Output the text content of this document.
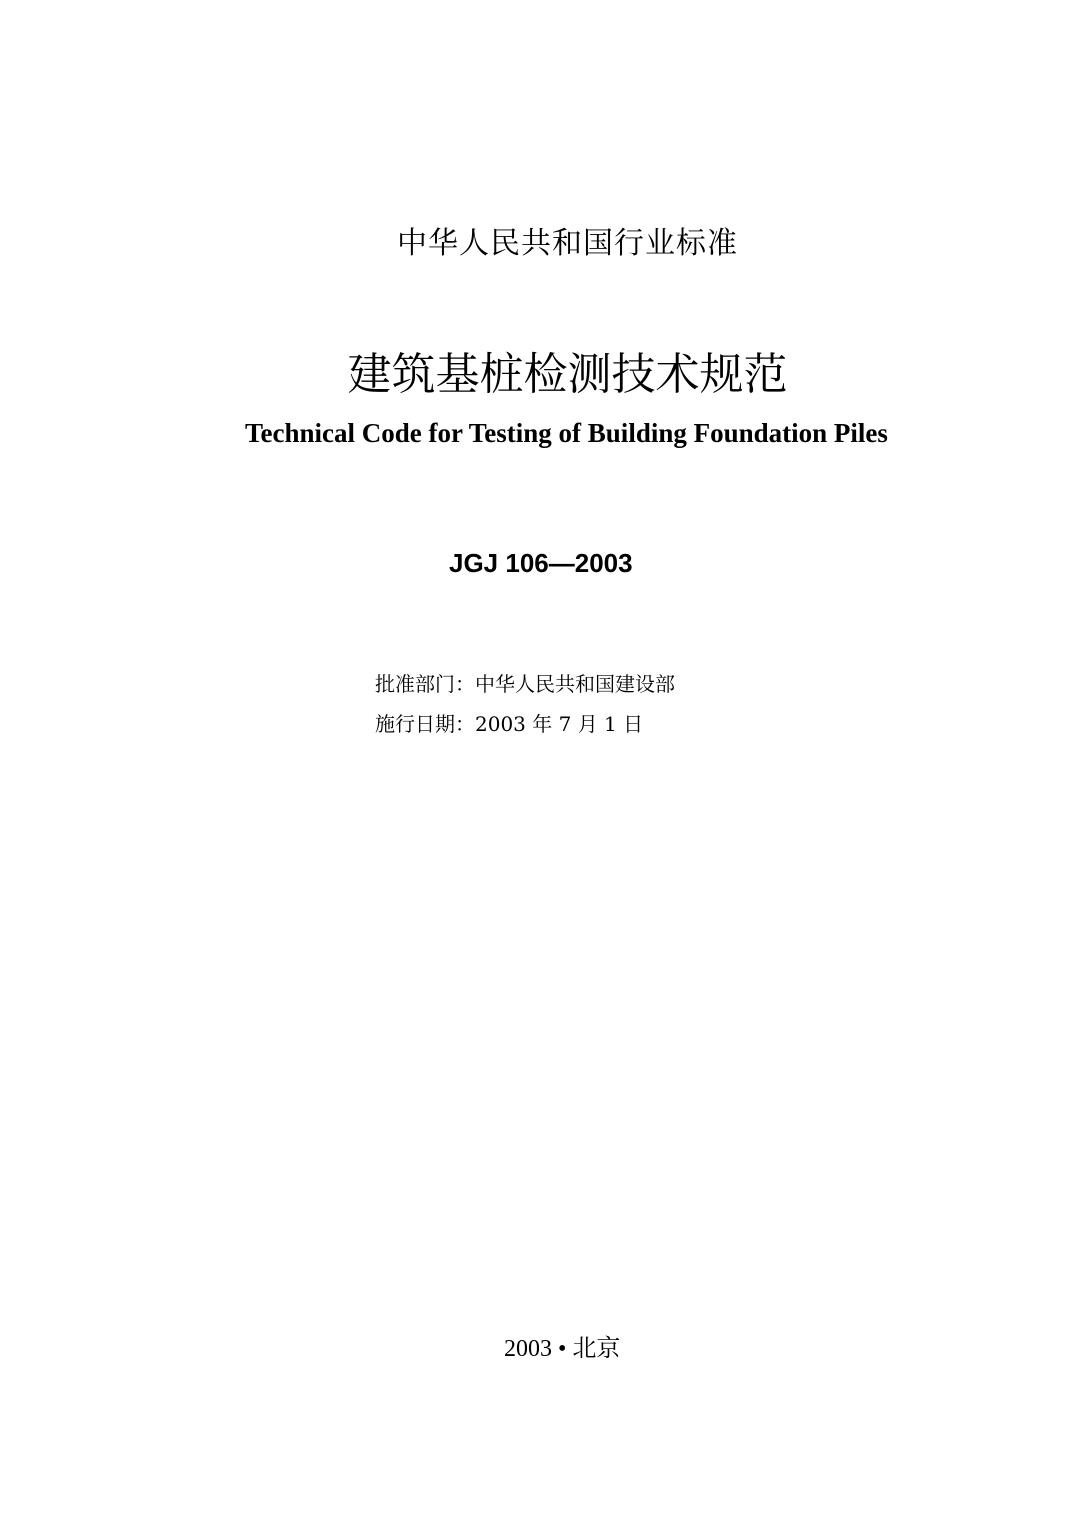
中华人民共和国行业标准
建筑基桩检测技术规范
Technical Code for Testing of Building Foundation Piles
JGJ 106—2003
批准部门：中华人民共和国建设部
施行日期：2003 年 7 月 1 日
2003 • 北京
